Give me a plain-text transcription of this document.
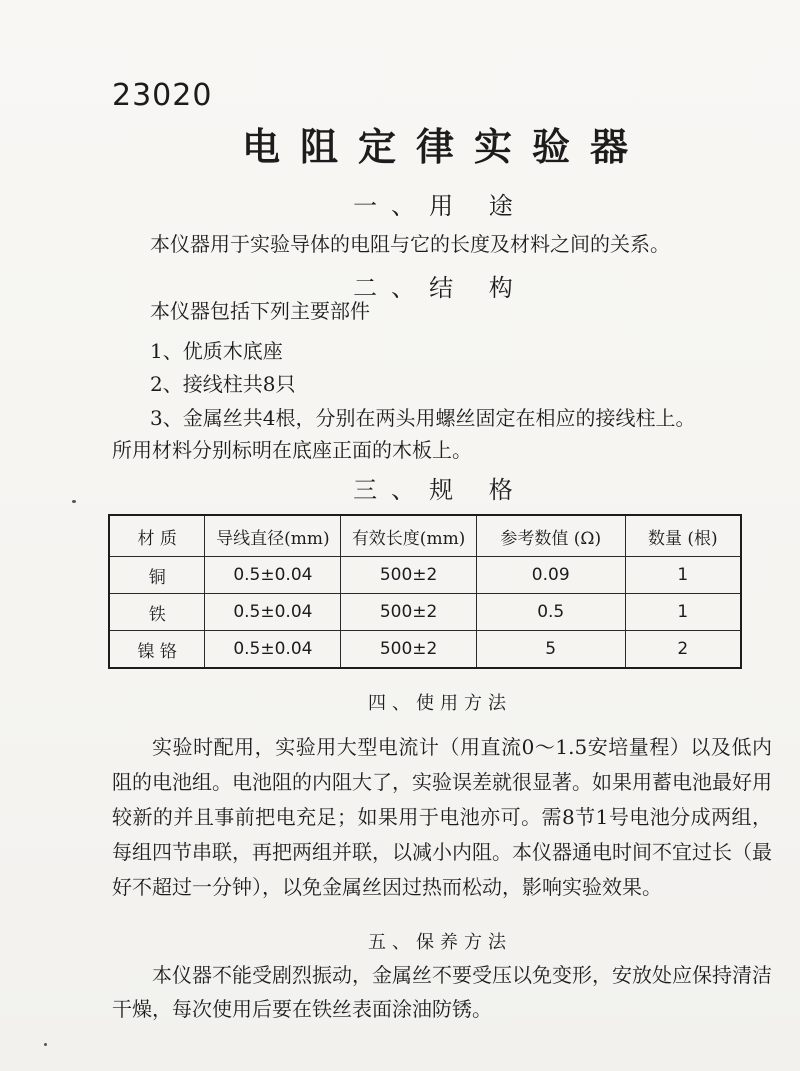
23020
电阻定律实验器
一、用 途
本仪器用于实验导体的电阻与它的长度及材料之间的关系。
二、结 构
本仪器包括下列主要部件
1、优质木底座
2、接线柱共8只
3、金属丝共4根，分别在两头用螺丝固定在相应的接线柱上。
所用材料分别标明在底座正面的木板上。
三、规 格
材 质	导线直径(mm)	有效长度(mm)	参考数值 (Ω)	数量 (根)
铜	0.5±0.04	500±2	0.09	1
铁	0.5±0.04	500±2	0.5	1
镍 铬	0.5±0.04	500±2	5	2
四、使用方法
实验时配用，实验用大型电流计（用直流0～1.5安培量程）以及低内阻的电池组。电池阻的内阻大了，实验误差就很显著。如果用蓄电池最好用较新的并且事前把电充足；如果用于电池亦可。需8节1号电池分成两组，每组四节串联，再把两组并联，以减小内阻。本仪器通电时间不宜过长（最好不超过一分钟），以免金属丝因过热而松动，影响实验效果。
五、保养方法
本仪器不能受剧烈振动，金属丝不要受压以免变形，安放处应保持清洁干燥，每次使用后要在铁丝表面涂油防锈。
